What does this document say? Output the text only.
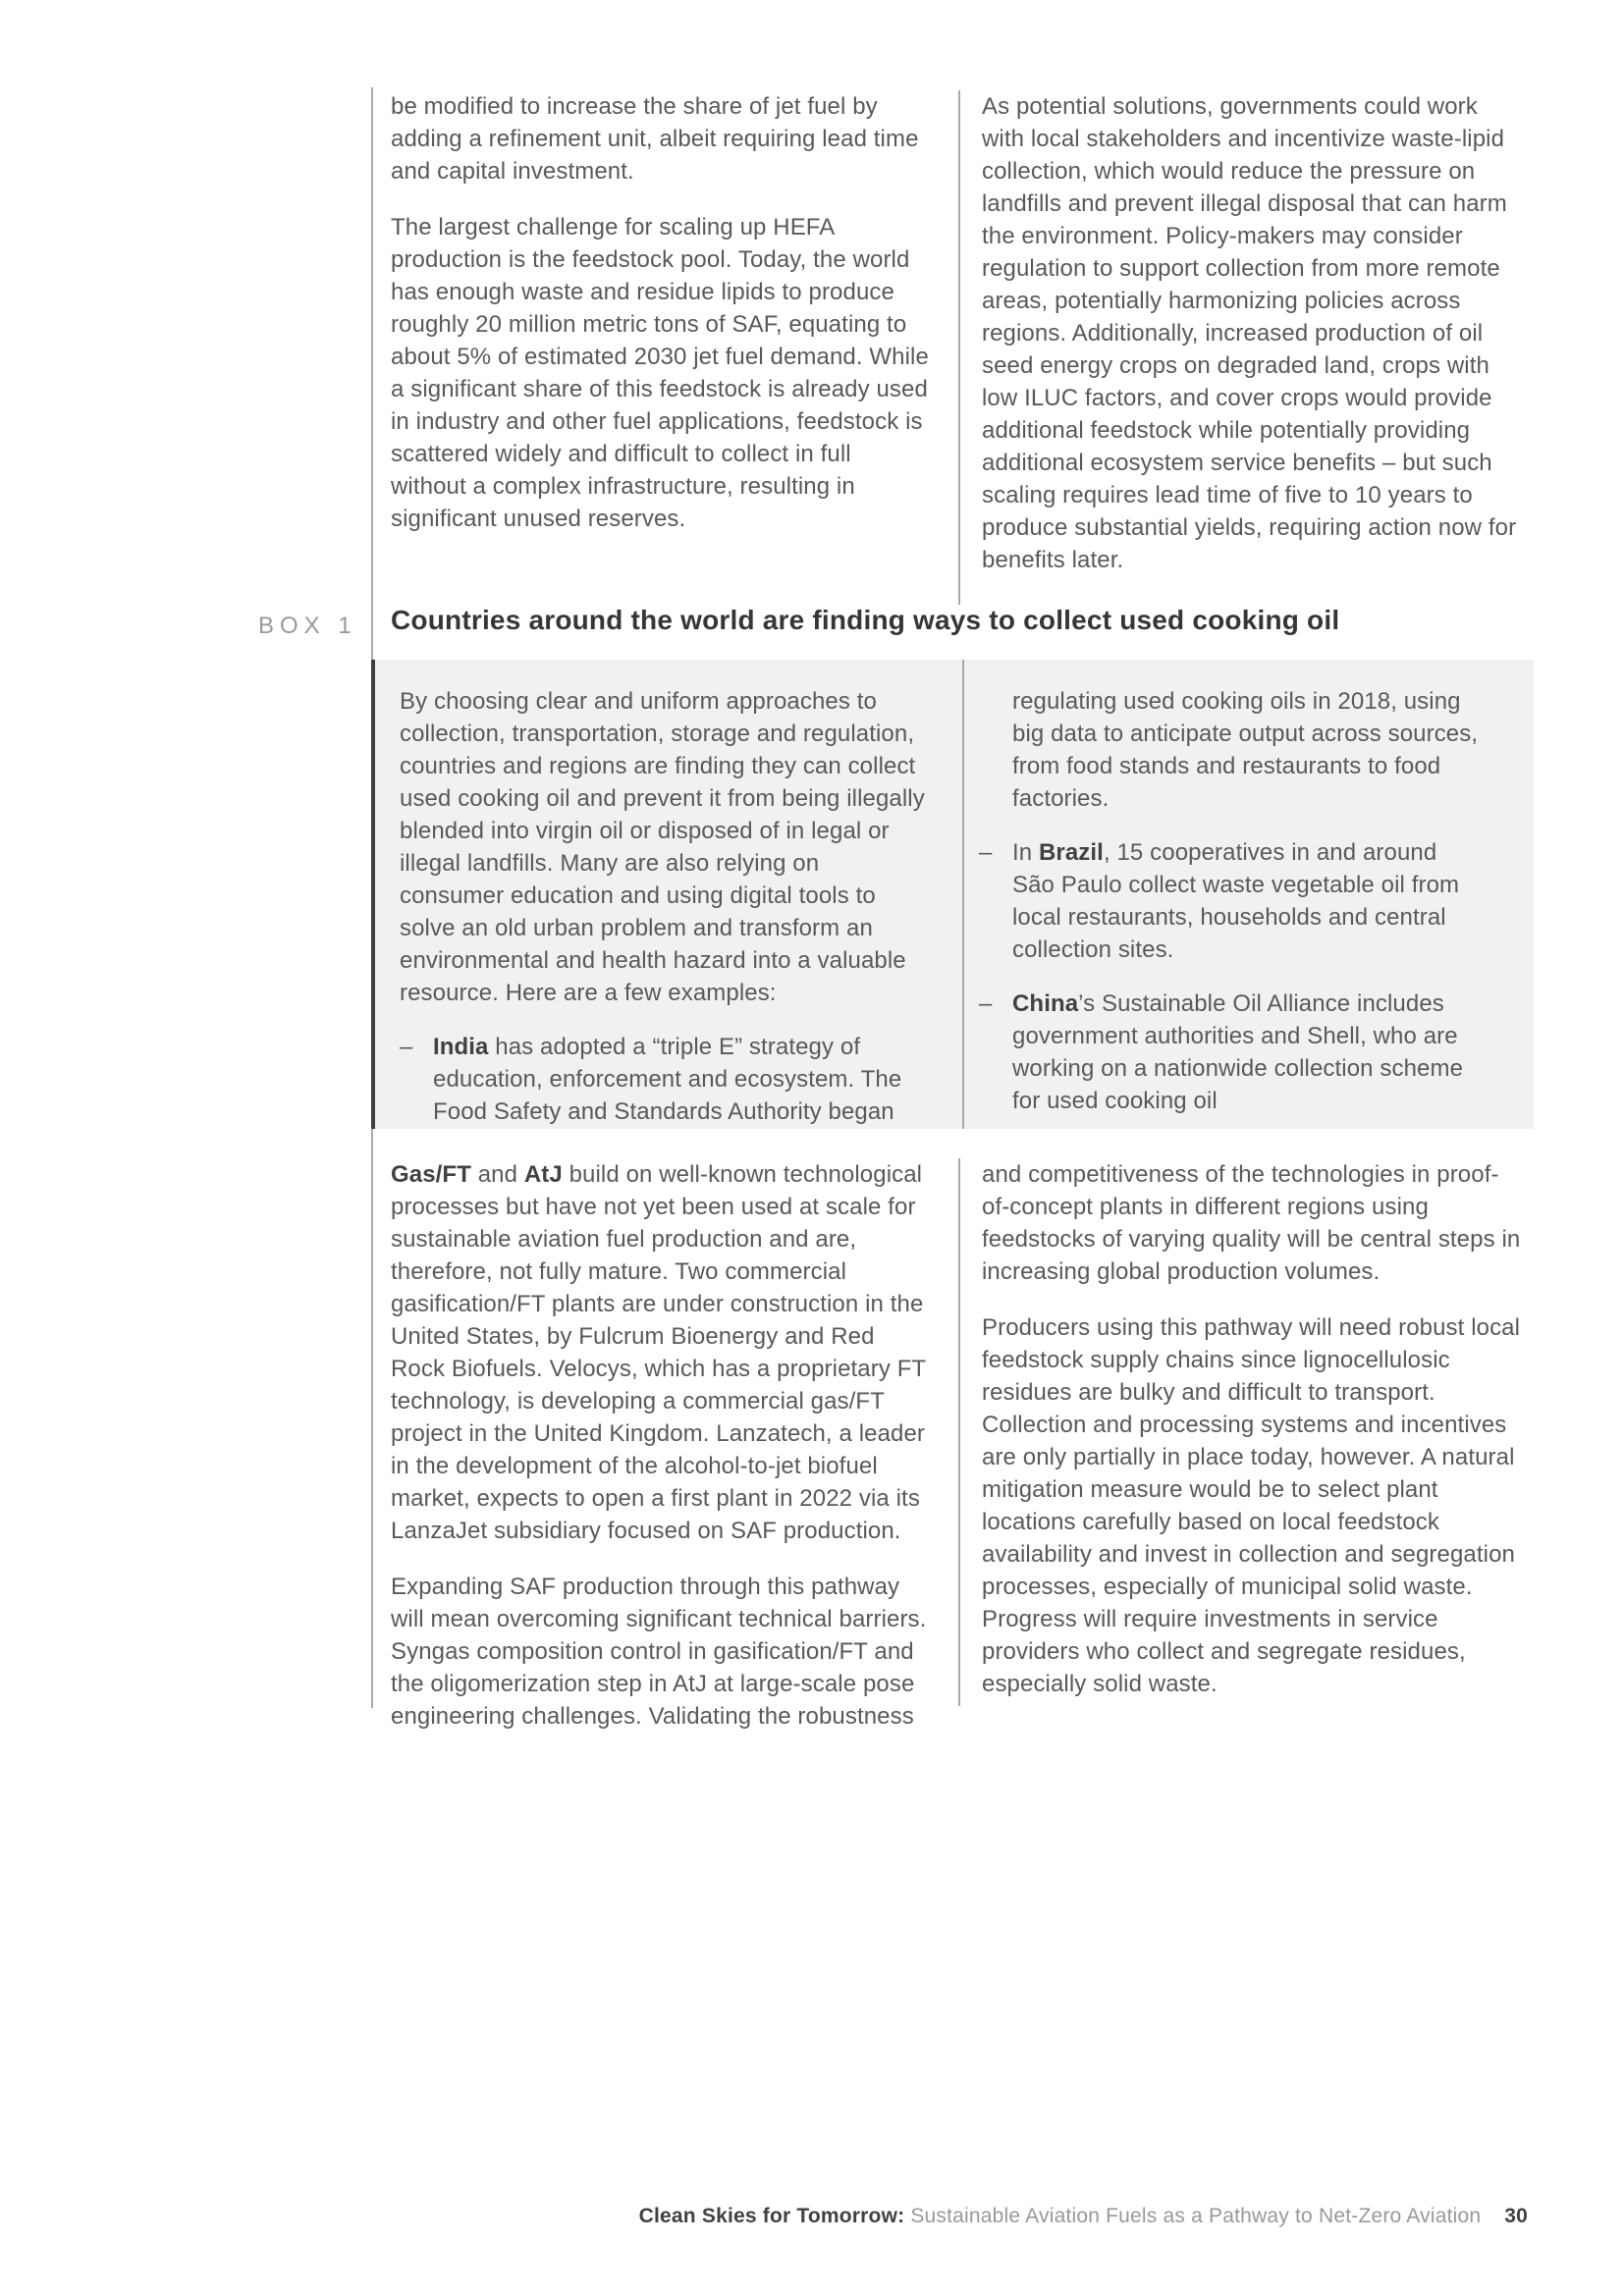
be modified to increase the share of jet fuel by adding a refinement unit, albeit requiring lead time and capital investment.

The largest challenge for scaling up HEFA production is the feedstock pool. Today, the world has enough waste and residue lipids to produce roughly 20 million metric tons of SAF, equating to about 5% of estimated 2030 jet fuel demand. While a significant share of this feedstock is already used in industry and other fuel applications, feedstock is scattered widely and difficult to collect in full without a complex infrastructure, resulting in significant unused reserves.

As potential solutions, governments could work with local stakeholders and incentivize waste-lipid collection, which would reduce the pressure on landfills and prevent illegal disposal that can harm the environment. Policy-makers may consider regulation to support collection from more remote areas, potentially harmonizing policies across regions. Additionally, increased production of oil seed energy crops on degraded land, crops with low ILUC factors, and cover crops would provide additional feedstock while potentially providing additional ecosystem service benefits – but such scaling requires lead time of five to 10 years to produce substantial yields, requiring action now for benefits later.

BOX 1 Countries around the world are finding ways to collect used cooking oil

By choosing clear and uniform approaches to collection, transportation, storage and regulation, countries and regions are finding they can collect used cooking oil and prevent it from being illegally blended into virgin oil or disposed of in legal or illegal landfills. Many are also relying on consumer education and using digital tools to solve an old urban problem and transform an environmental and health hazard into a valuable resource. Here are a few examples:

– India has adopted a “triple E” strategy of education, enforcement and ecosystem. The Food Safety and Standards Authority began

regulating used cooking oils in 2018, using big data to anticipate output across sources, from food stands and restaurants to food factories.

– In Brazil, 15 cooperatives in and around São Paulo collect waste vegetable oil from local restaurants, households and central collection sites.

– China’s Sustainable Oil Alliance includes government authorities and Shell, who are working on a nationwide collection scheme for used cooking oil

Gas/FT and AtJ build on well-known technological processes but have not yet been used at scale for sustainable aviation fuel production and are, therefore, not fully mature. Two commercial gasification/FT plants are under construction in the United States, by Fulcrum Bioenergy and Red Rock Biofuels. Velocys, which has a proprietary FT technology, is developing a commercial gas/FT project in the United Kingdom. Lanzatech, a leader in the development of the alcohol-to-jet biofuel market, expects to open a first plant in 2022 via its LanzaJet subsidiary focused on SAF production.

Expanding SAF production through this pathway will mean overcoming significant technical barriers. Syngas composition control in gasification/FT and the oligomerization step in AtJ at large-scale pose engineering challenges. Validating the robustness

and competitiveness of the technologies in proof-of-concept plants in different regions using feedstocks of varying quality will be central steps in increasing global production volumes.

Producers using this pathway will need robust local feedstock supply chains since lignocellulosic residues are bulky and difficult to transport. Collection and processing systems and incentives are only partially in place today, however. A natural mitigation measure would be to select plant locations carefully based on local feedstock availability and invest in collection and segregation processes, especially of municipal solid waste. Progress will require investments in service providers who collect and segregate residues, especially solid waste.

Clean Skies for Tomorrow: Sustainable Aviation Fuels as a Pathway to Net-Zero Aviation 30
